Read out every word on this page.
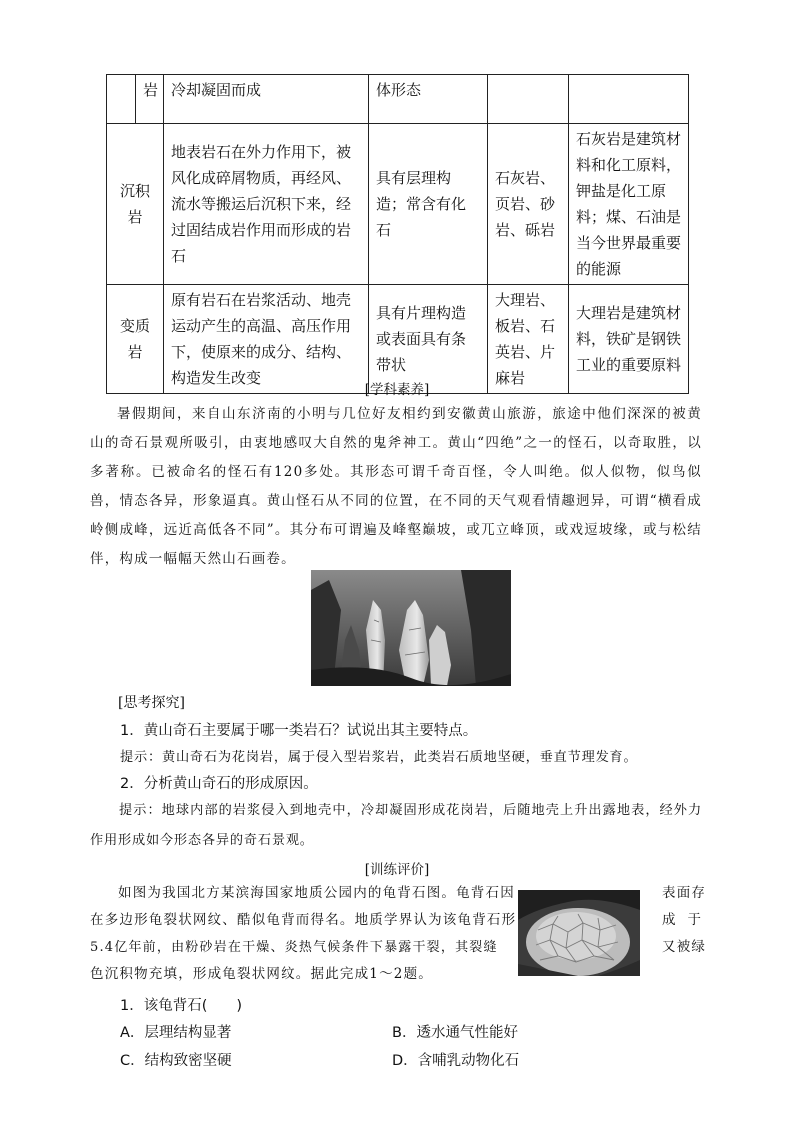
	岩	冷却凝固而成	体形态		
沉积岩		地表岩石在外力作用下，被风化成碎屑物质，再经风、流水等搬运后沉积下来，经过固结成岩作用而形成的岩石	具有层理构造；常含有化石	石灰岩、页岩、砂岩、砾岩	石灰岩是建筑材料和化工原料，钾盐是化工原料；煤、石油是当今世界最重要的能源
变质岩		原有岩石在岩浆活动、地壳运动产生的高温、高压作用下，使原来的成分、结构、构造发生改变	具有片理构造或表面具有条带状	大理岩、板岩、石英岩、片麻岩	大理岩是建筑材料，铁矿是钢铁工业的重要原料
[学科素养]
暑假期间，来自山东济南的小明与几位好友相约到安徽黄山旅游，旅途中他们深深的被黄山的奇石景观所吸引，由衷地感叹大自然的鬼斧神工。黄山“四绝”之一的怪石，以奇取胜，以多著称。已被命名的怪石有120多处。其形态可谓千奇百怪，令人叫绝。似人似物，似鸟似兽，情态各异，形象逼真。黄山怪石从不同的位置，在不同的天气观看情趣迥异，可谓“横看成岭侧成峰，远近高低各不同”。其分布可谓遍及峰壑巅坡，或兀立峰顶，或戏逗坡缘，或与松结伴，构成一幅幅天然山石画卷。
[思考探究]
1．黄山奇石主要属于哪一类岩石？试说出其主要特点。
提示：黄山奇石为花岗岩，属于侵入型岩浆岩，此类岩石质地坚硬，垂直节理发育。
2．分析黄山奇石的形成原因。
提示：地球内部的岩浆侵入到地壳中，冷却凝固形成花岗岩，后随地壳上升出露地表，经外力作用形成如今形态各异的奇石景观。
[训练评价]
如图为我国北方某滨海国家地质公园内的龟背石图。龟背石因	表面存
在多边形龟裂状网纹、酷似龟背而得名。地质学界认为该龟背石形	成于
5.4亿年前，由粉砂岩在干燥、炎热气候条件下暴露干裂，其裂缝	又被绿
色沉积物充填，形成龟裂状网纹。据此完成1～2题。
1．该龟背石(　　)
A．层理结构显著	B．透水通气性能好
C．结构致密坚硬	D．含哺乳动物化石
